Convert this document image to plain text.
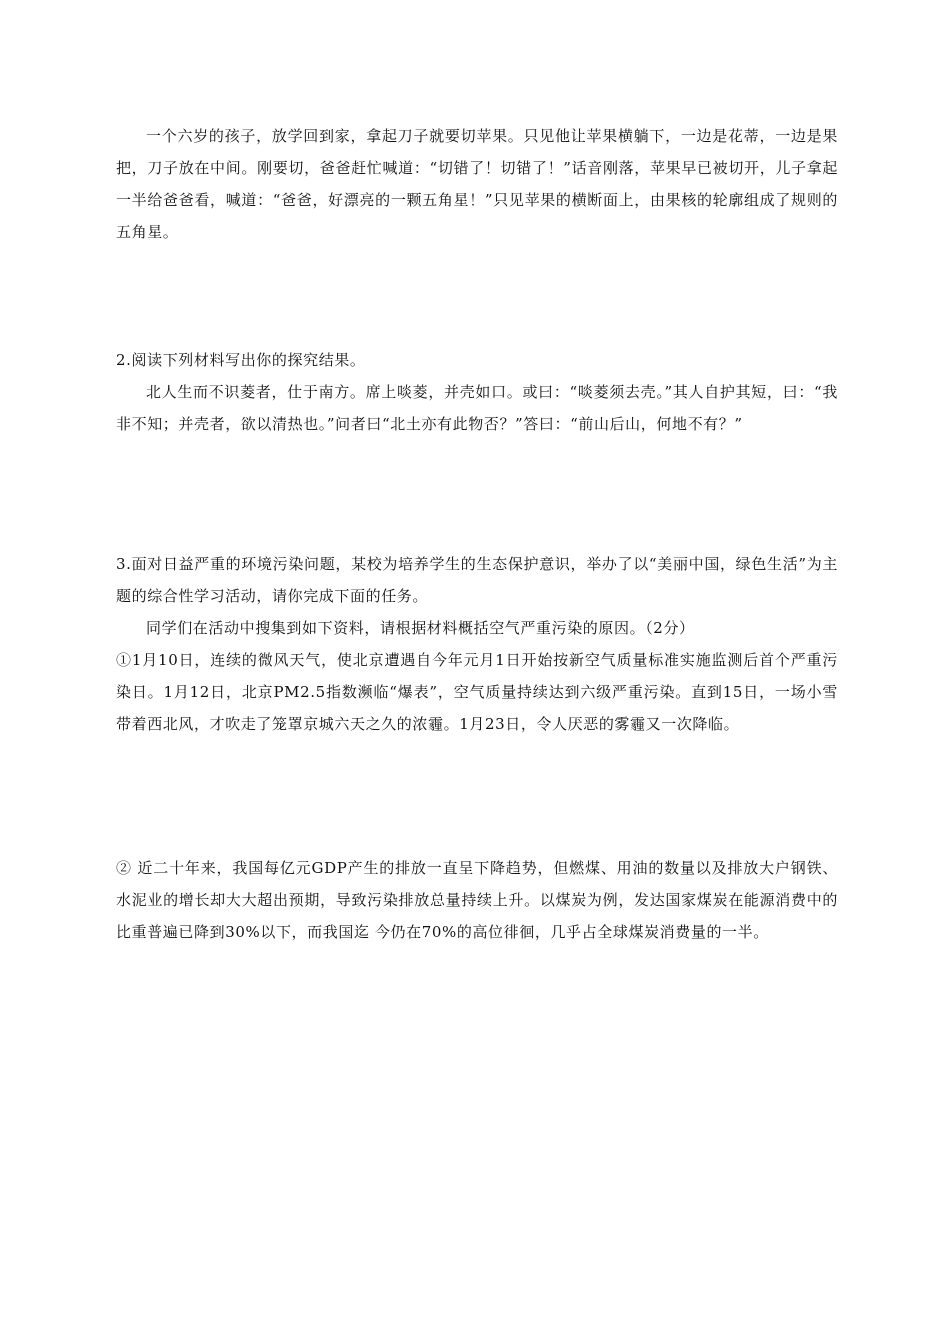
一个六岁的孩子，放学回到家，拿起刀子就要切苹果。只见他让苹果横躺下，一边是花蒂，一边是果把，刀子放在中间。刚要切，爸爸赶忙喊道：“切错了！切错了！”话音刚落，苹果早已被切开，儿子拿起一半给爸爸看，喊道：“爸爸，好漂亮的一颗五角星！”只见苹果的横断面上，由果核的轮廓组成了规则的五角星。

2.阅读下列材料写出你的探究结果。

北人生而不识菱者，仕于南方。席上啖菱，并壳如口。或曰：“啖菱须去壳。”其人自护其短，曰：“我非不知；并壳者，欲以清热也。”问者曰“北土亦有此物否？”答曰：“前山后山，何地不有？”

3.面对日益严重的环境污染问题，某校为培养学生的生态保护意识，举办了以“美丽中国，绿色生活”为主题的综合性学习活动，请你完成下面的任务。

同学们在活动中搜集到如下资料，请根据材料概括空气严重污染的原因。（2分）

①1月10日，连续的微风天气，使北京遭遇自今年元月1日开始按新空气质量标准实施监测后首个严重污染日。1月12日，北京PM2.5指数濒临“爆表”，空气质量持续达到六级严重污染。直到15日，一场小雪带着西北风，才吹走了笼罩京城六天之久的浓霾。1月23日，令人厌恶的雾霾又一次降临。

② 近二十年来，我国每亿元GDP产生的排放一直呈下降趋势，但燃煤、用油的数量以及排放大户钢铁、水泥业的增长却大大超出预期，导致污染排放总量持续上升。以煤炭为例，发达国家煤炭在能源消费中的比重普遍已降到30%以下，而我国迄 今仍在70%的高位徘徊，几乎占全球煤炭消费量的一半。
